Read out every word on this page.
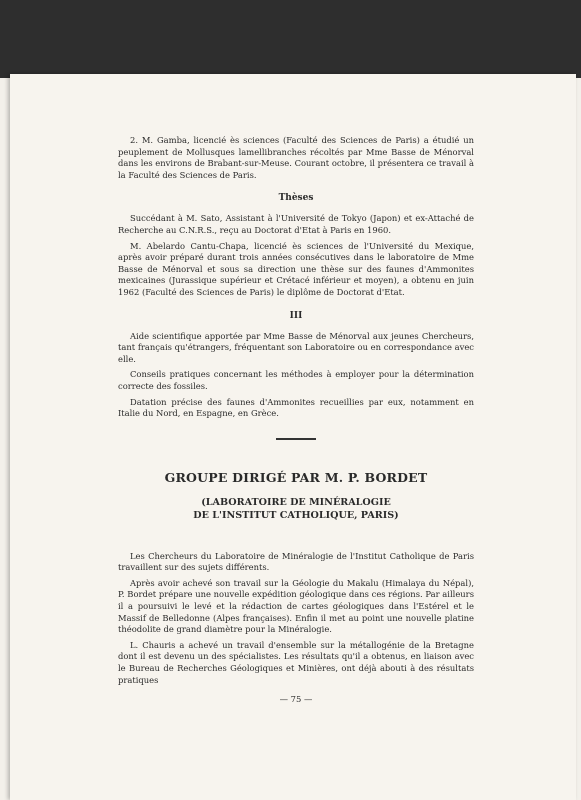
2. M. Gamba, licencié ès sciences (Faculté des Sciences de Paris) a étudié un peuplement de Mollusques lamellibranches récoltés par Mme Basse de Ménorval dans les environs de Brabant-sur-Meuse. Courant octobre, il présentera ce travail à la Faculté des Sciences de Paris.

Thèses

Succédant à M. Sato, Assistant à l'Université de Tokyo (Japon) et ex-Attaché de Recherche au C.N.R.S., reçu au Doctorat d'Etat à Paris en 1960.

M. Abelardo Cantu-Chapa, licencié ès sciences de l'Université du Mexique, après avoir préparé durant trois années consécutives dans le laboratoire de Mme Basse de Ménorval et sous sa direction une thèse sur des faunes d'Ammonites mexicaines (Jurassique supérieur et Crétacé inférieur et moyen), a obtenu en juin 1962 (Faculté des Sciences de Paris) le diplôme de Doctorat d'Etat.

III

Aide scientifique apportée par Mme Basse de Ménorval aux jeunes Chercheurs, tant français qu'étrangers, fréquentant son Laboratoire ou en correspondance avec elle.

Conseils pratiques concernant les méthodes à employer pour la détermination correcte des fossiles.

Datation précise des faunes d'Ammonites recueillies par eux, notamment en Italie du Nord, en Espagne, en Grèce.

GROUPE DIRIGÉ PAR M. P. BORDET
(LABORATOIRE DE MINÉRALOGIE
DE L'INSTITUT CATHOLIQUE, PARIS)

Les Chercheurs du Laboratoire de Minéralogie de l'Institut Catholique de Paris travaillent sur des sujets différents.

Après avoir achevé son travail sur la Géologie du Makalu (Himalaya du Népal), P. Bordet prépare une nouvelle expédition géologique dans ces régions. Par ailleurs il a poursuivi le levé et la rédaction de cartes géologiques dans l'Estérel et le Massif de Belledonne (Alpes françaises). Enfin il met au point une nouvelle platine théodolite de grand diamètre pour la Minéralogie.

L. Chauris a achevé un travail d'ensemble sur la métallogénie de la Bretagne dont il est devenu un des spécialistes. Les résultats qu'il a obtenus, en liaison avec le Bureau de Recherches Géologiques et Minières, ont déjà abouti à des résultats pratiques

— 75 —
